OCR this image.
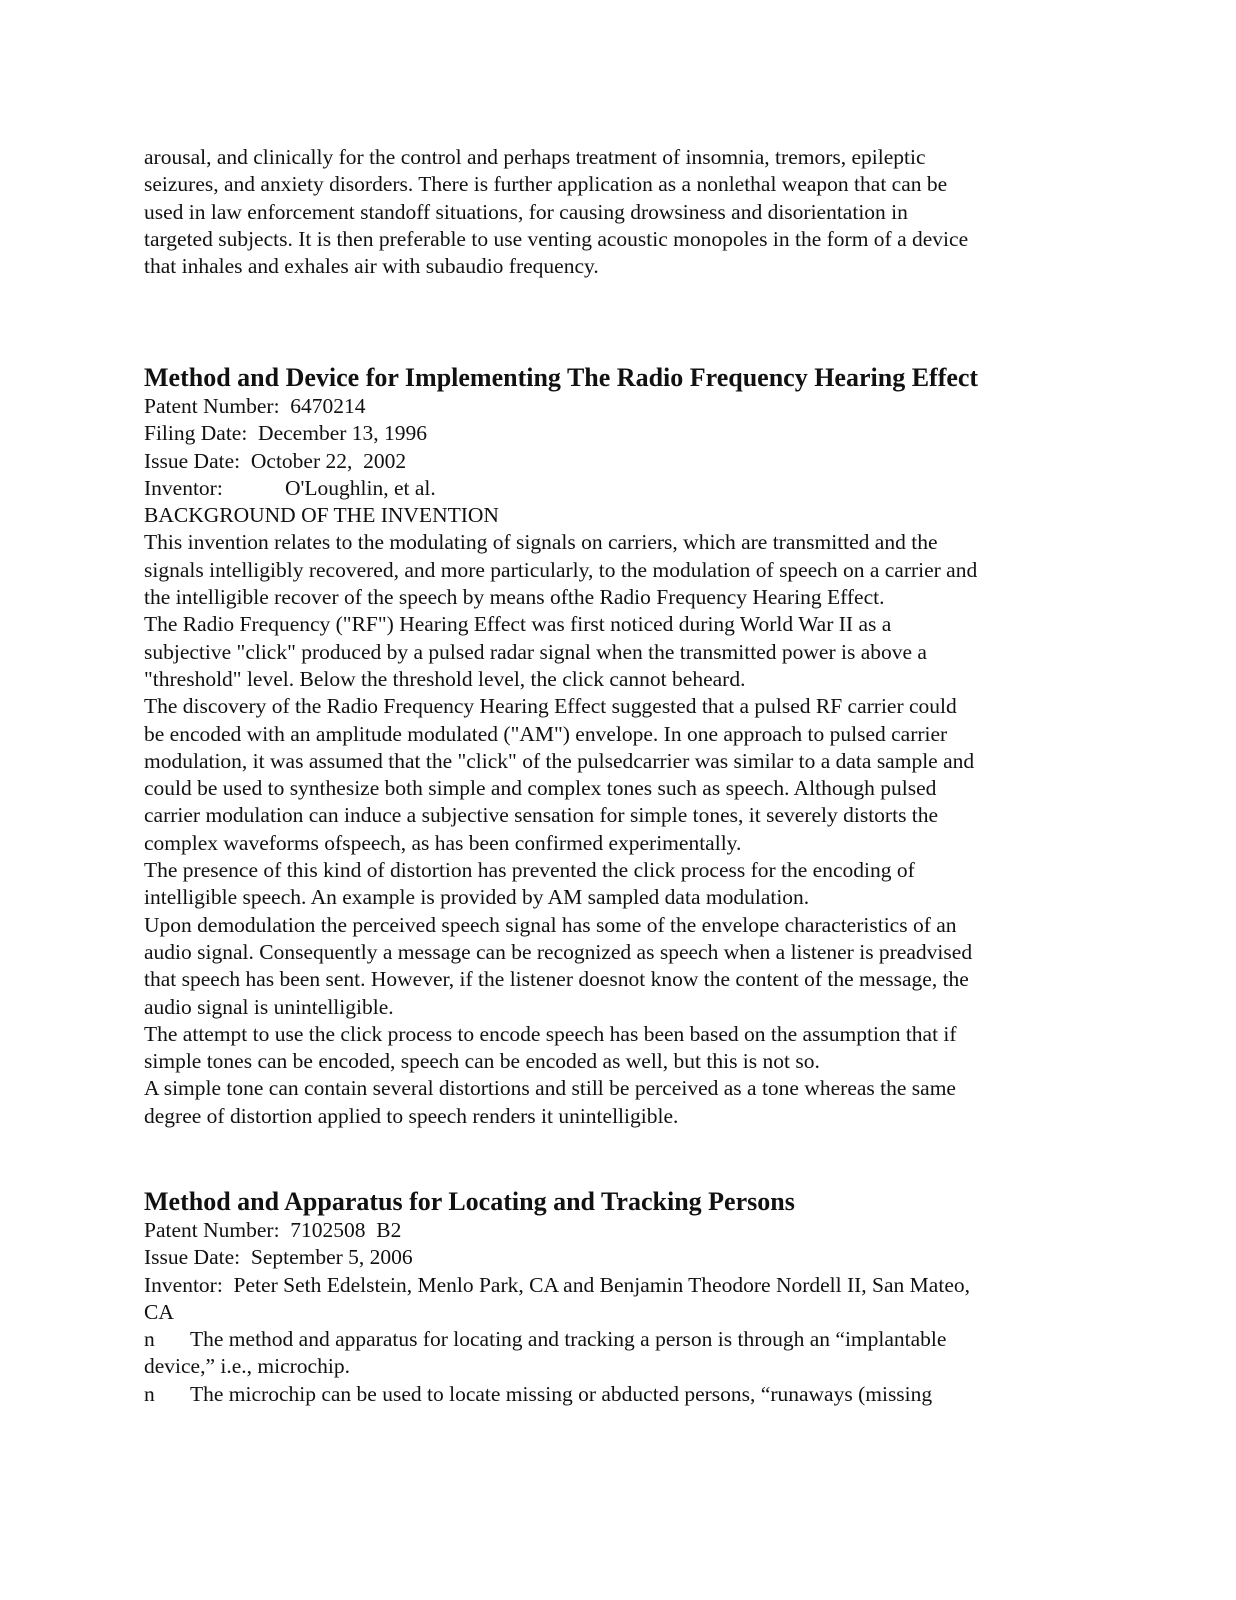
arousal, and clinically for the control and perhaps treatment of insomnia, tremors, epileptic
seizures, and anxiety disorders. There is further application as a nonlethal weapon that can be
used in law enforcement standoff situations, for causing drowsiness and disorientation in
targeted subjects. It is then preferable to use venting acoustic monopoles in the form of a device
that inhales and exhales air with subaudio frequency.
Method and Device for Implementing The Radio Frequency Hearing Effect
Patent Number:  6470214
Filing Date:  December 13, 1996
Issue Date:  October 22,  2002
Inventor:	O'Loughlin, et al.
BACKGROUND OF THE INVENTION
This invention relates to the modulating of signals on carriers, which are transmitted and the
signals intelligibly recovered, and more particularly, to the modulation of speech on a carrier and
the intelligible recover of the speech by means ofthe Radio Frequency Hearing Effect.
The Radio Frequency ("RF") Hearing Effect was first noticed during World War II as a
subjective "click" produced by a pulsed radar signal when the transmitted power is above a
"threshold" level. Below the threshold level, the click cannot beheard.
The discovery of the Radio Frequency Hearing Effect suggested that a pulsed RF carrier could
be encoded with an amplitude modulated ("AM") envelope. In one approach to pulsed carrier
modulation, it was assumed that the "click" of the pulsedcarrier was similar to a data sample and
could be used to synthesize both simple and complex tones such as speech. Although pulsed
carrier modulation can induce a subjective sensation for simple tones, it severely distorts the
complex waveforms ofspeech, as has been confirmed experimentally.
The presence of this kind of distortion has prevented the click process for the encoding of
intelligible speech. An example is provided by AM sampled data modulation.
Upon demodulation the perceived speech signal has some of the envelope characteristics of an
audio signal. Consequently a message can be recognized as speech when a listener is preadvised
that speech has been sent. However, if the listener doesnot know the content of the message, the
audio signal is unintelligible.
The attempt to use the click process to encode speech has been based on the assumption that if
simple tones can be encoded, speech can be encoded as well, but this is not so.
A simple tone can contain several distortions and still be perceived as a tone whereas the same
degree of distortion applied to speech renders it unintelligible.
Method and Apparatus for Locating and Tracking Persons
Patent Number:  7102508  B2
Issue Date:  September 5, 2006
Inventor:  Peter Seth Edelstein, Menlo Park, CA and Benjamin Theodore Nordell II, San Mateo,
CA
n The method and apparatus for locating and tracking a person is through an “implantable
device,” i.e., microchip.
n The microchip can be used to locate missing or abducted persons, “runaways (missing
